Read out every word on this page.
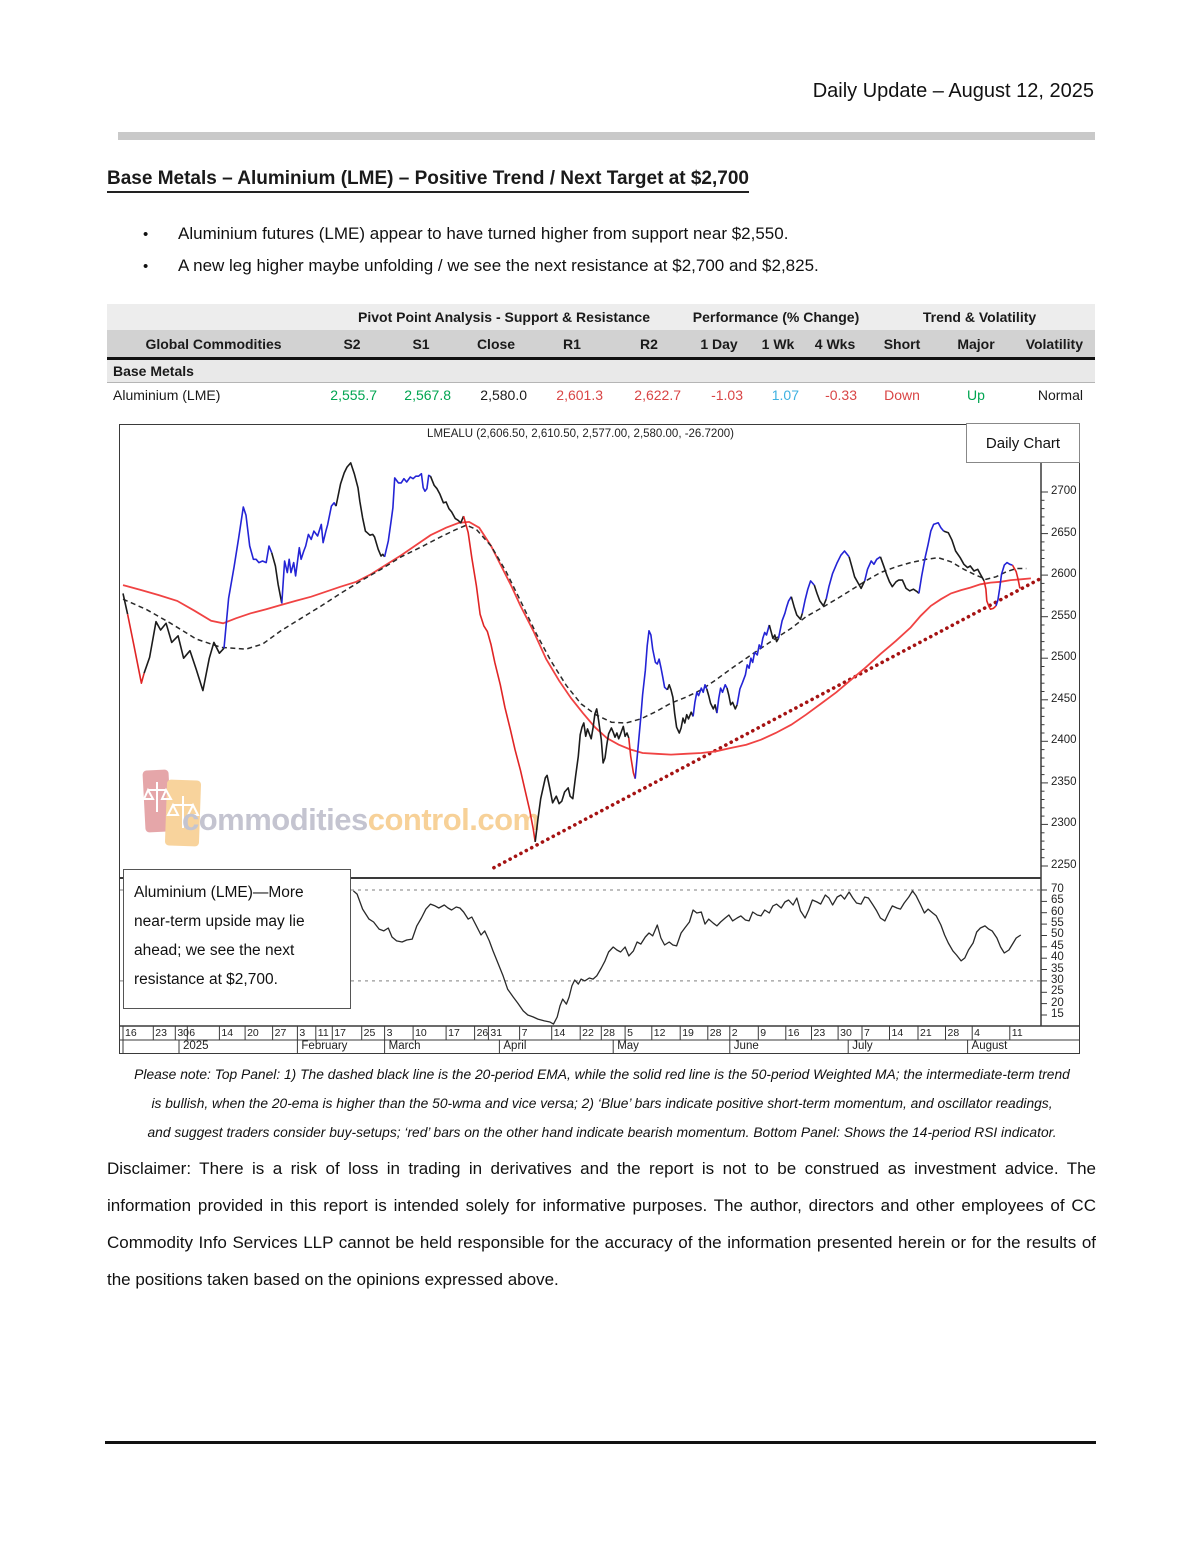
Daily Update – August 12, 2025
Base Metals – Aluminium (LME) – Positive Trend / Next Target at $2,700
• Aluminium futures (LME) appear to have turned higher from support near $2,550.
• A new leg higher maybe unfolding / we see the next resistance at $2,700 and $2,825.
Pivot Point Analysis - Support & Resistance	Performance (% Change)	Trend & Volatility
Global Commodities	S2	S1	Close	R1	R2	1 Day	1 Wk	4 Wks	Short	Major	Volatility
Base Metals
Aluminium (LME)	2,555.7	2,567.8	2,580.0	2,601.3	2,622.7	-1.03	1.07	-0.33	Down	Up	Normal
commoditiescontrol.com
LMEALU (2,606.50, 2,610.50, 2,577.00, 2,580.00, -26.7200)
Daily Chart
Aluminium (LME)—More near-term upside may lie ahead; we see the next resistance at $2,700.
2700
2650
2600
2550
2500
2450
2400
2350
2300
2250
70
65
60
55
50
45
40
35
30
25
20
15
16 23 30 6	14 20 27 3 11 17 25 3 10 17 26 31 7	14 22 28 5 12 19 28 2 9 16 23 30 7 14 21 28 4	11
2025	February	March	April	May	June	July	August
Please note: Top Panel: 1) The dashed black line is the 20-period EMA, while the solid red line is the 50-period Weighted MA; the intermediate-term trend
is bullish, when the 20-ema is higher than the 50-wma and vice versa; 2) ‘Blue’ bars indicate positive short-term momentum, and oscillator readings,
and suggest traders consider buy-setups; ‘red’ bars on the other hand indicate bearish momentum. Bottom Panel: Shows the 14-period RSI indicator.
Disclaimer: There is a risk of loss in trading in derivatives and the report is not to be construed as investment advice. The information provided in this report is intended solely for informative purposes. The author, directors and other employees of CC Commodity Info Services LLP cannot be held responsible for the accuracy of the information presented herein or for the results of the positions taken based on the opinions expressed above.
